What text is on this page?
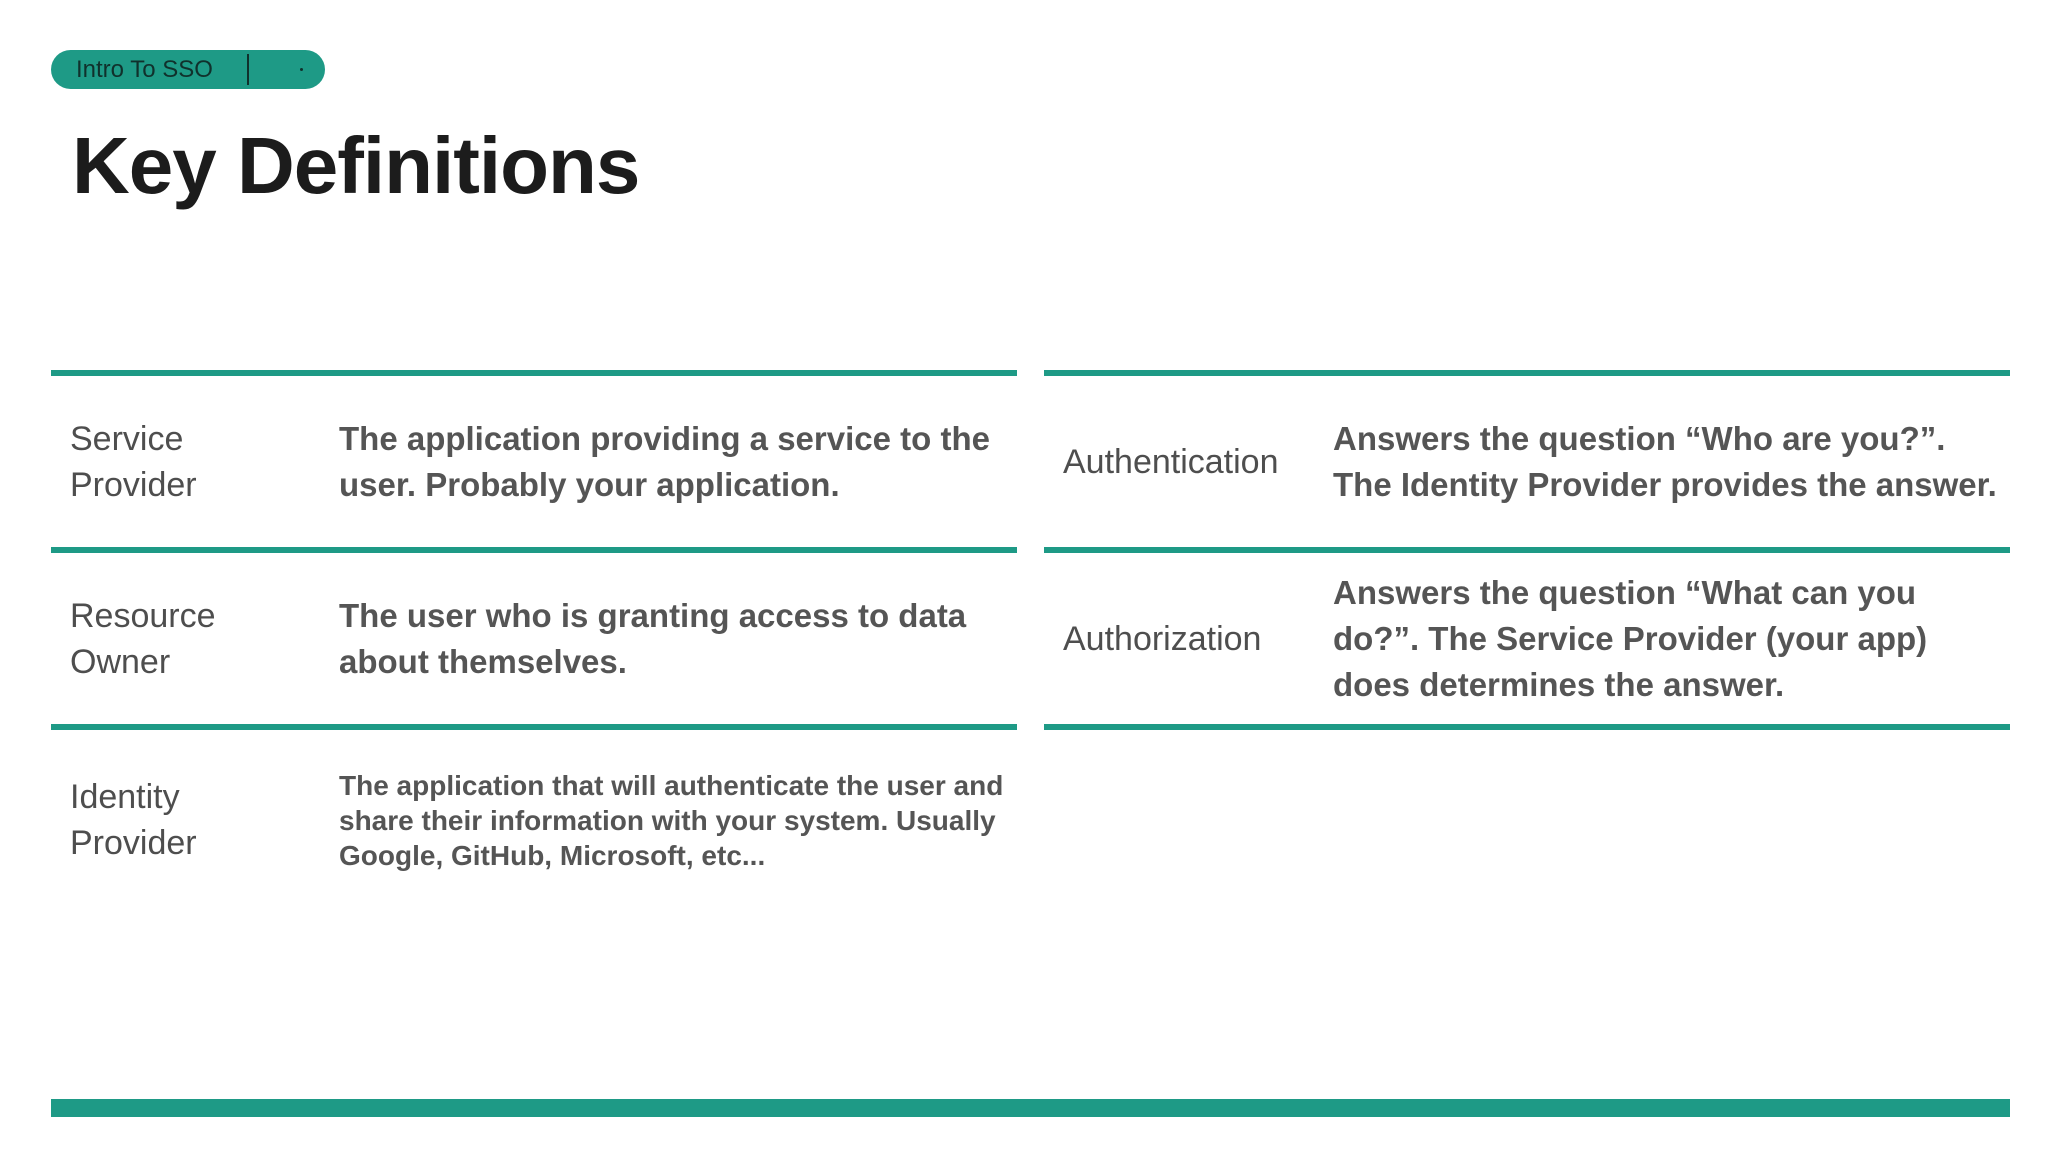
Intro To SSO
Key Definitions
Service Provider
The application providing a service to the user. Probably your application.
Resource Owner
The user who is granting access to data about themselves.
Identity Provider
The application that will authenticate the user and share their information with your system. Usually Google, GitHub, Microsoft, etc...
Authentication
Answers the question “Who are you?”. The Identity Provider provides the answer.
Authorization
Answers the question “What can you do?”. The Service Provider (your app) does determines the answer.
